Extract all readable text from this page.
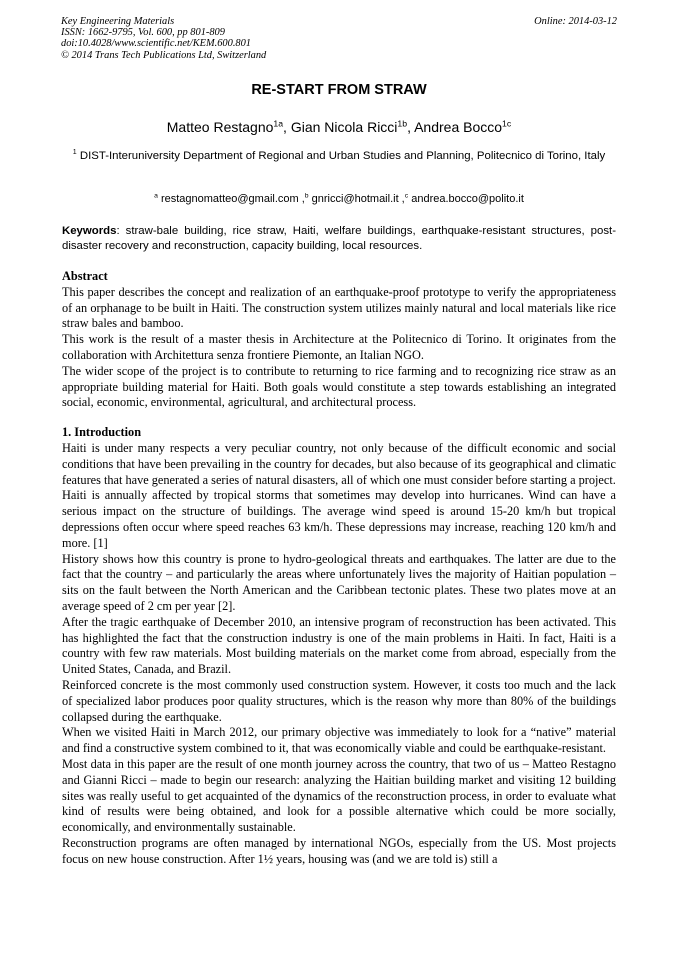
Key Engineering Materials
ISSN: 1662-9795, Vol. 600, pp 801-809
doi:10.4028/www.scientific.net/KEM.600.801
© 2014 Trans Tech Publications Ltd, Switzerland
Online: 2014-03-12
RE-START FROM STRAW
Matteo Restagno$^{1a}$, Gian Nicola Ricci$^{1b}$, Andrea Bocco$^{1c}$
$^1$ DIST-Interuniversity Department of Regional and Urban Studies and Planning, Politecnico di Torino, Italy
$^a$ restagnomatteo@gmail.com ,$^b$ gnricci@hotmail.it ,$^c$ andrea.bocco@polito.it
Keywords: straw-bale building, rice straw, Haiti, welfare buildings, earthquake-resistant structures, post-disaster recovery and reconstruction, capacity building, local resources.
Abstract

This paper describes the concept and realization of an earthquake-proof prototype to verify the appropriateness of an orphanage to be built in Haiti. The construction system utilizes mainly natural and local materials like rice straw bales and bamboo.

This work is the result of a master thesis in Architecture at the Politecnico di Torino. It originates from the collaboration with Architettura senza frontiere Piemonte, an Italian NGO.

The wider scope of the project is to contribute to returning to rice farming and to recognizing rice straw as an appropriate building material for Haiti. Both goals would constitute a step towards establishing an integrated social, economic, environmental, agricultural, and architectural process.

1. Introduction

Haiti is under many respects a very peculiar country, not only because of the difficult economic and social conditions that have been prevailing in the country for decades, but also because of its geographical and climatic features that have generated a series of natural disasters, all of which one must consider before starting a project.

Haiti is annually affected by tropical storms that sometimes may develop into hurricanes. Wind can have a serious impact on the structure of buildings. The average wind speed is around 15-20 km/h but tropical depressions often occur where speed reaches 63 km/h. These depressions may increase, reaching 120 km/h and more. [1]

History shows how this country is prone to hydro-geological threats and earthquakes. The latter are due to the fact that the country – and particularly the areas where unfortunately lives the majority of Haitian population – sits on the fault between the North American and the Caribbean tectonic plates. These two plates move at an average speed of 2 cm per year [2].

After the tragic earthquake of December 2010, an intensive program of reconstruction has been activated. This has highlighted the fact that the construction industry is one of the main problems in Haiti. In fact, Haiti is a country with few raw materials. Most building materials on the market come from abroad, especially from the United States, Canada, and Brazil.

Reinforced concrete is the most commonly used construction system. However, it costs too much and the lack of specialized labor produces poor quality structures, which is the reason why more than 80% of the buildings collapsed during the earthquake.

When we visited Haiti in March 2012, our primary objective was immediately to look for a “native” material and find a constructive system combined to it, that was economically viable and could be earthquake-resistant.

Most data in this paper are the result of one month journey across the country, that two of us – Matteo Restagno and Gianni Ricci – made to begin our research: analyzing the Haitian building market and visiting 12 building sites was really useful to get acquainted of the dynamics of the reconstruction process, in order to evaluate what kind of results were being obtained, and look for a possible alternative which could be more socially, economically, and environmentally sustainable.

Reconstruction programs are often managed by international NGOs, especially from the US. Most projects focus on new house construction. After 1½ years, housing was (and we are told is) still a
